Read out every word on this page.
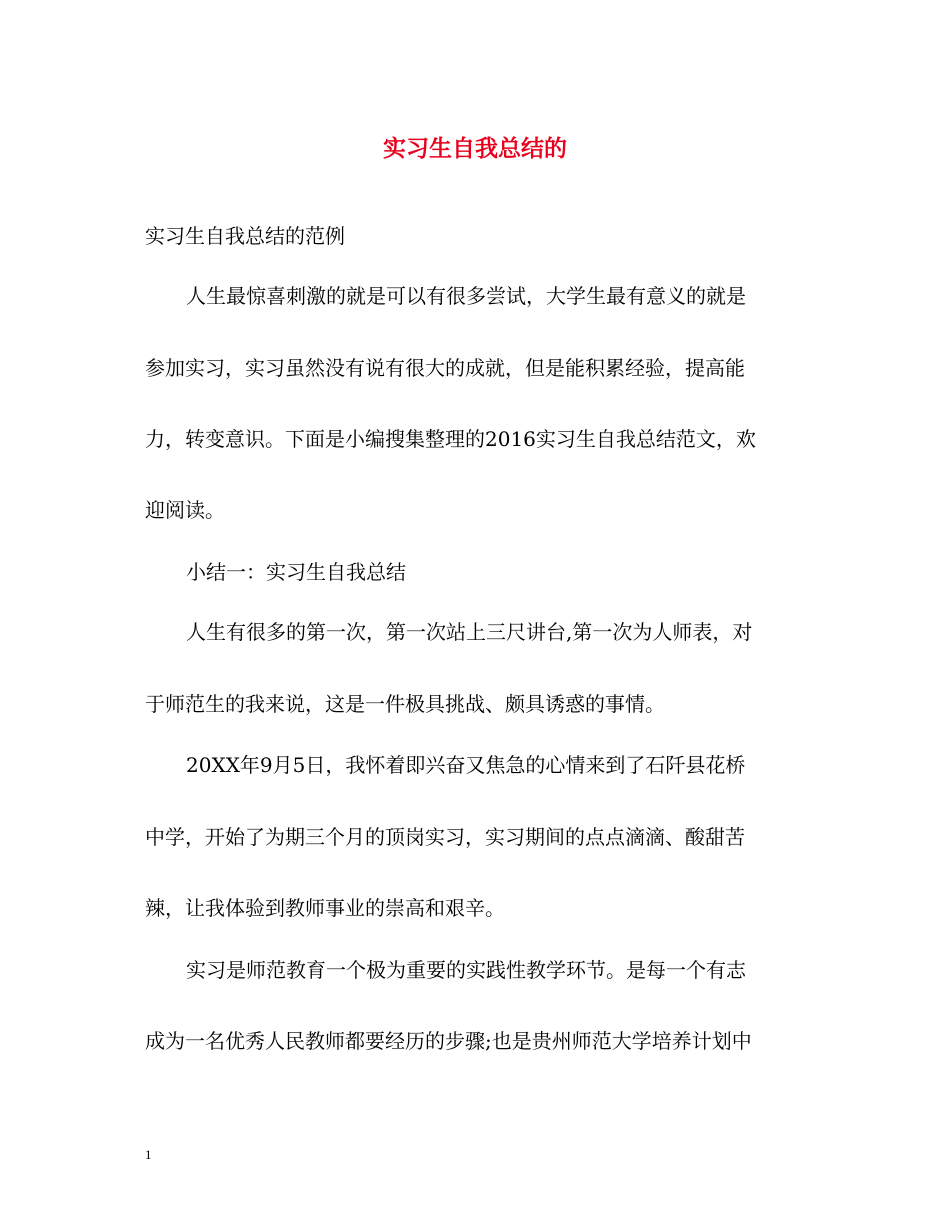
实习生自我总结的
实习生自我总结的范例
人生最惊喜刺激的就是可以有很多尝试，大学生最有意义的就是
参加实习，实习虽然没有说有很大的成就，但是能积累经验，提高能
力，转变意识。下面是小编搜集整理的2016实习生自我总结范文，欢
迎阅读。
小结一：实习生自我总结
人生有很多的第一次，第一次站上三尺讲台,第一次为人师表，对
于师范生的我来说，这是一件极具挑战、颇具诱惑的事情。
20XX年9月5日，我怀着即兴奋又焦急的心情来到了石阡县花桥
中学，开始了为期三个月的顶岗实习，实习期间的点点滴滴、酸甜苦
辣，让我体验到教师事业的崇高和艰辛。
实习是师范教育一个极为重要的实践性教学环节。是每一个有志
成为一名优秀人民教师都要经历的步骤;也是贵州师范大学培养计划中
1
